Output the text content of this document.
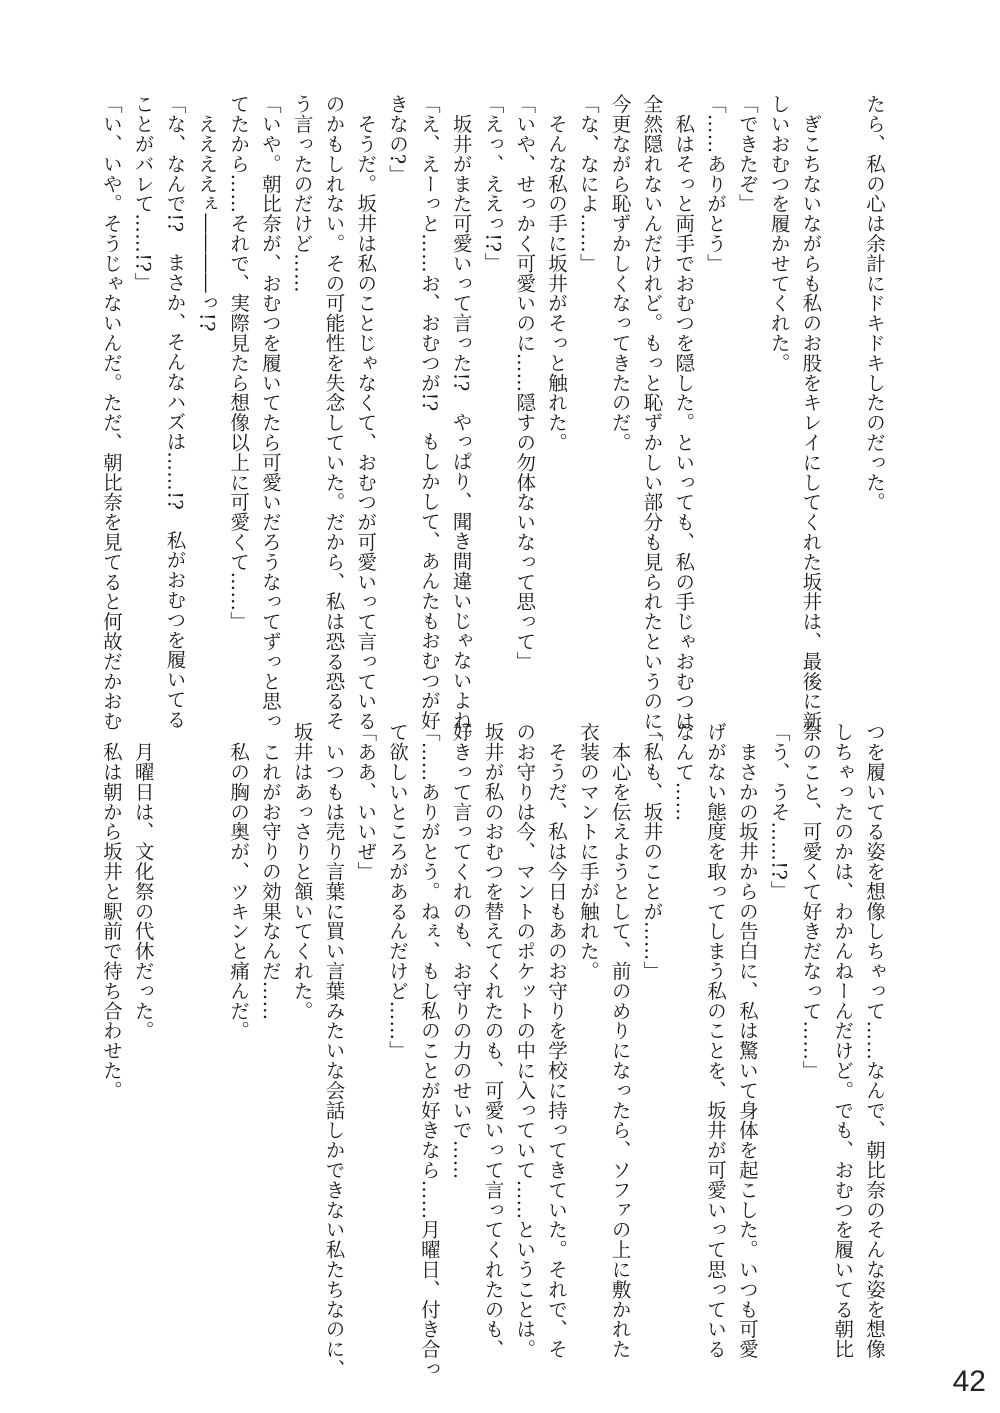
たら、私の心は余計にドキドキしたのだった。

　ぎこちないながらも私のお股をキレイにしてくれた坂井は、最後に新
しいおむつを履かせてくれた。
「できたぞ」
「……ありがとう」
　私はそっと両手でおむつを隠した。といっても、私の手じゃおむつは
全然隠れないんだけれど。もっと恥ずかしい部分も見られたというのに、
今更ながら恥ずかしくなってきたのだ。
「な、なによ……」
　そんな私の手に坂井がそっと触れた。
「いや、せっかく可愛いのに……隠すの勿体ないなって思って」
「えっ、ええっ!?」
　坂井がまた可愛いって言った!?　やっぱり、聞き間違いじゃないよね。
「え、えーっと……お、おむつが!?　もしかして、あんたもおむつが好
きなの?」
　そうだ。坂井は私のことじゃなくて、おむつが可愛いって言っている
のかもしれない。その可能性を失念していた。だから、私は恐る恐るそ
う言ったのだけど……
「いや。朝比奈が、おむつを履いてたら可愛いだろうなってずっと思っ
てたから……それで、実際見たら想像以上に可愛くて……」
　ええええぇ――――っ!?
「な、なんで!?　まさか、そんなハズは……!?　私がおむつを履いてる
ことがバレて……!?」
「い、いや。そうじゃないんだ。ただ、朝比奈を見てると何故だかおむ
つを履いてる姿を想像しちゃって……なんで、朝比奈のそんな姿を想像
しちゃったのかは、わかんねーんだけど。でも、おむつを履いてる朝比
奈のこと、可愛くて好きだなって……」
「う、うそ……!?」
　まさかの坂井からの告白に、私は驚いて身体を起こした。いつも可愛
げがない態度を取ってしまう私のことを、坂井が可愛いって思っている
なんて……
「私も、坂井のことが……」
　本心を伝えようとして、前のめりになったら、ソファの上に敷かれた
衣装のマントに手が触れた。
　そうだ、私は今日もあのお守りを学校に持ってきていた。それで、そ
のお守りは今、マントのポケットの中に入っていて……ということは。
坂井が私のおむつを替えてくれたのも、可愛いって言ってくれたのも、
好きって言ってくれのも、お守りの力のせいで……
「……ありがとう。ねぇ、もし私のことが好きなら……月曜日、付き合っ
て欲しいところがあるんだけど……」
「ああ、いいぜ」
　いつもは売り言葉に買い言葉みたいな会話しかできない私たちなのに、
坂井はあっさりと頷いてくれた。
　これがお守りの効果なんだ……
　私の胸の奥が、ツキンと痛んだ。

　月曜日は、文化祭の代休だった。
　私は朝から坂井と駅前で待ち合わせた。
42
